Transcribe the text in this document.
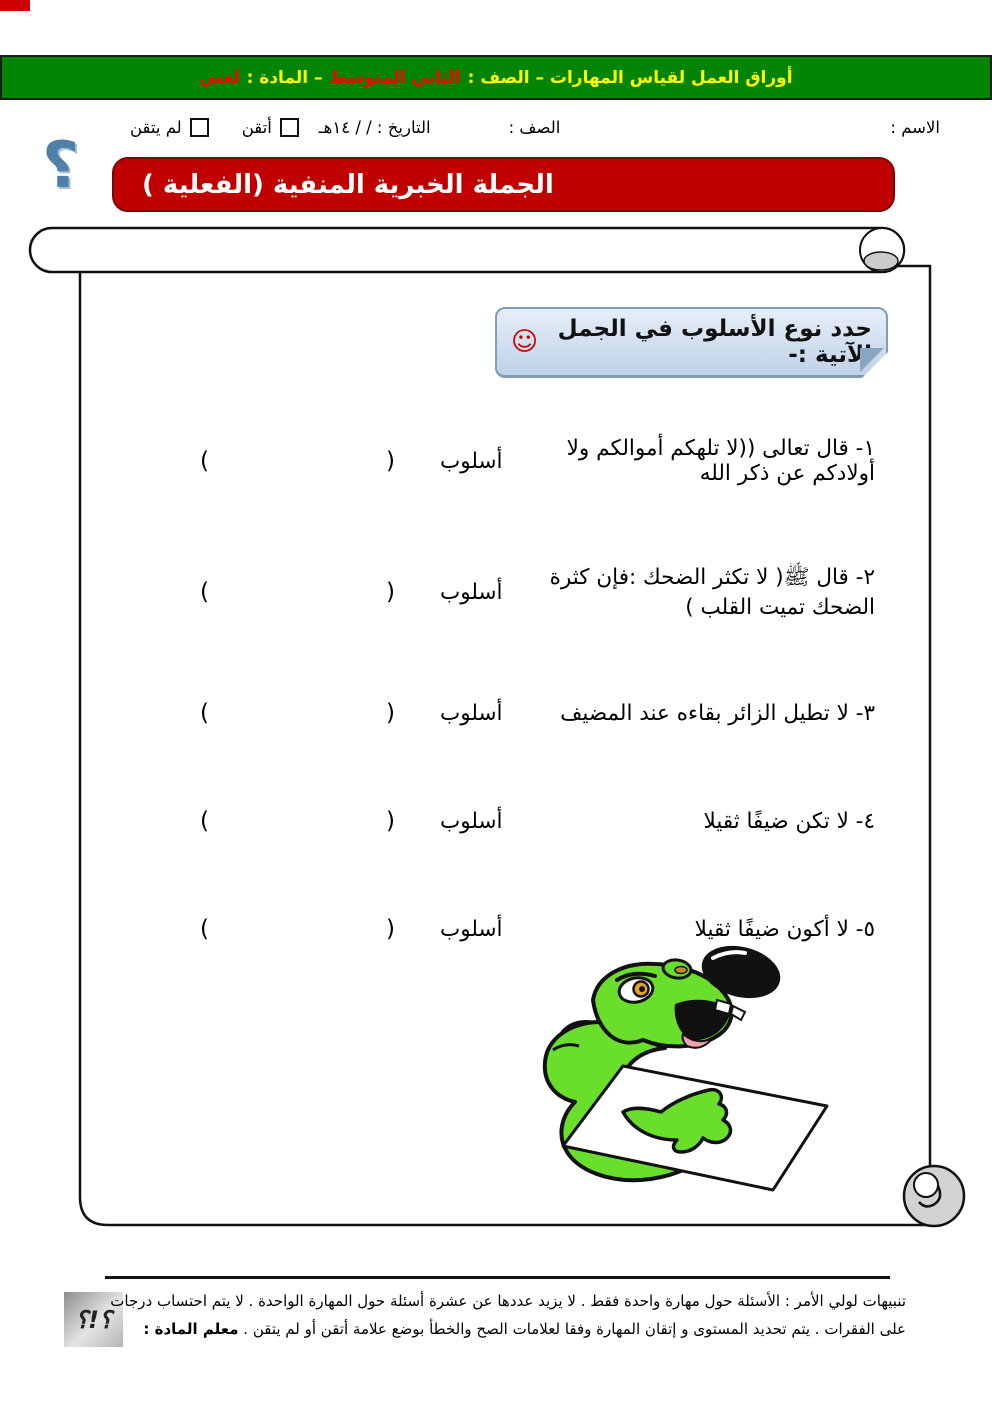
أوراق العمل لقياس المهارات – الصف :
الثاني المتوسط
– المادة :
لغتي
الاسم :
الصف :
التاريخ : / / ١٤هـ
أتقن
لم يتقن
؟ الجملة الخبرية المنفية (الفعلية )
حدد نوع الأسلوب في الجمل الآتية :-
☺
١- قال تعالى ((لا تلهكم أموالكم ولا أولادكم عن ذكر الله
أسلوب
(	)
٢- قال ﷺ( لا تكثر الضحك :فإن كثرة الضحك تميت القلب )
أسلوب
(	)
٣- لا تطيل الزائر بقاءه عند المضيف
أسلوب
(	)
٤- لا تكن ضيفًا ثقيلا
أسلوب
(	)
٥- لا أكون ضيفًا ثقيلا
أسلوب
(	)
؟!؟
تنبيهات لولي الأمر : الأسئلة حول مهارة واحدة فقط . لا يزيد عددها عن عشرة أسئلة حول المهارة الواحدة . لا يتم احتساب درجات
على الفقرات . يتم تحديد المستوى و إتقان المهارة وفقا لعلامات الصح والخطأ بوضع علامة أتقن أو لم يتقن . معلم المادة :
